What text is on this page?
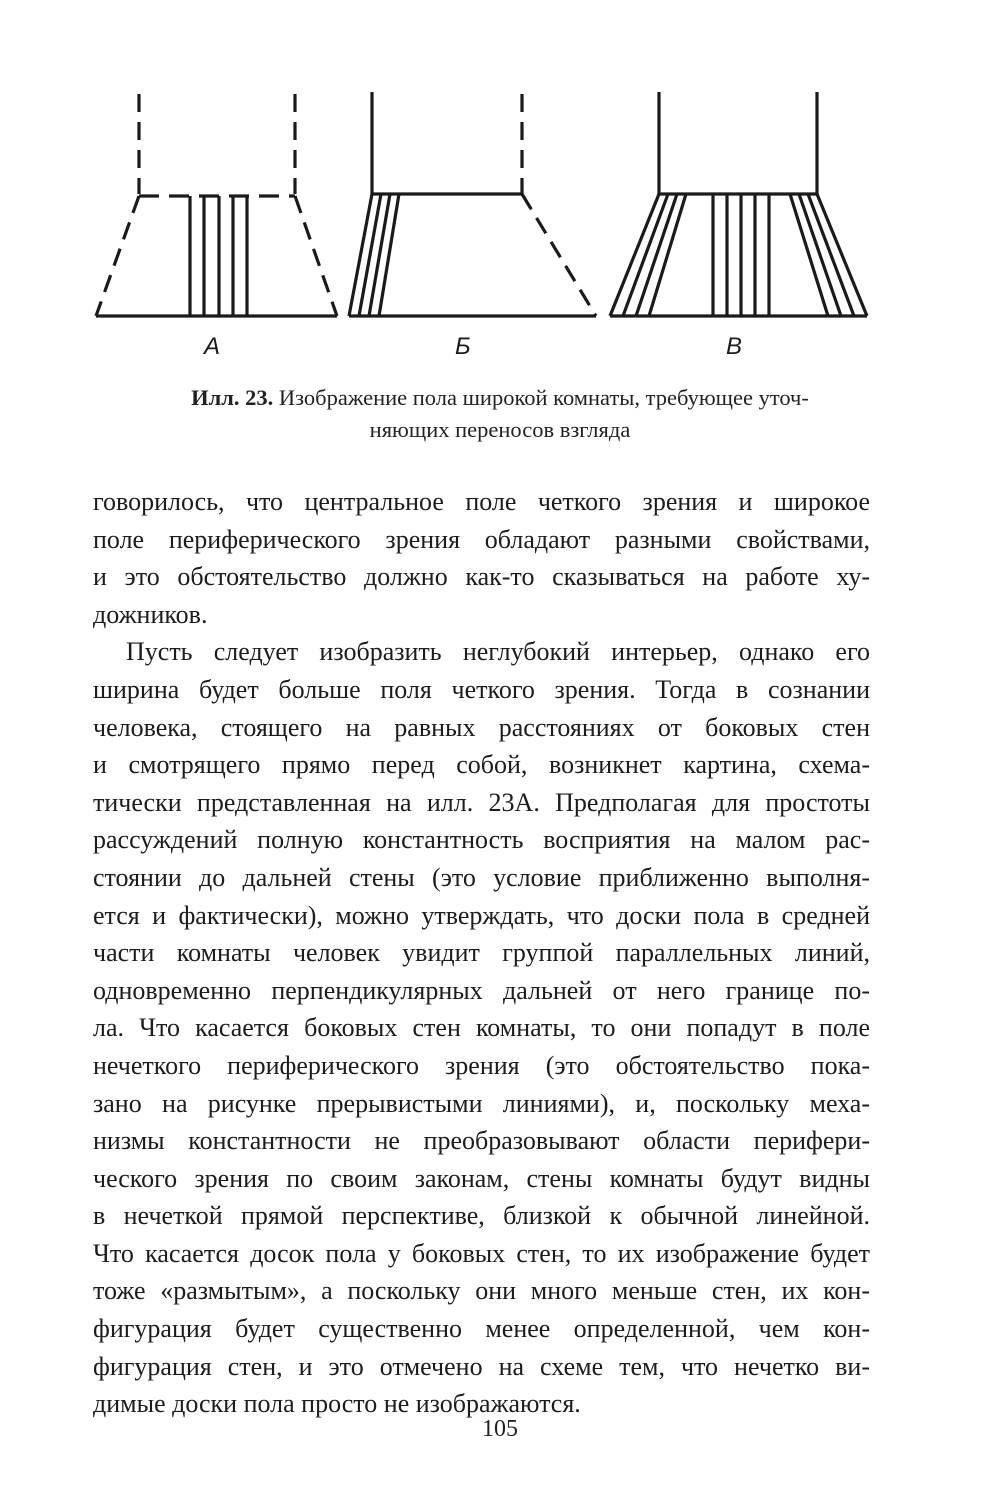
А	Б	В
Илл. 23. Изображение пола широкой комнаты, требующее уточ-
няющих переносов взгляда
говорилось, что центральное поле четкого зрения и широкое
поле периферического зрения обладают разными свойствами,
и это обстоятельство должно как-то сказываться на работе ху-
дожников.
Пусть следует изобразить неглубокий интерьер, однако его
ширина будет больше поля четкого зрения. Тогда в сознании
человека, стоящего на равных расстояниях от боковых стен
и смотрящего прямо перед собой, возникнет картина, схема-
тически представленная на илл. 23А. Предполагая для простоты
рассуждений полную константность восприятия на малом рас-
стоянии до дальней стены (это условие приближенно выполня-
ется и фактически), можно утверждать, что доски пола в средней
части комнаты человек увидит группой параллельных линий,
одновременно перпендикулярных дальней от него границе по-
ла. Что касается боковых стен комнаты, то они попадут в поле
нечеткого периферического зрения (это обстоятельство пока-
зано на рисунке прерывистыми линиями), и, поскольку меха-
низмы константности не преобразовывают области перифери-
ческого зрения по своим законам, стены комнаты будут видны
в нечеткой прямой перспективе, близкой к обычной линейной.
Что касается досок пола у боковых стен, то их изображение будет
тоже «размытым», а поскольку они много меньше стен, их кон-
фигурация будет существенно менее определенной, чем кон-
фигурация стен, и это отмечено на схеме тем, что нечетко ви-
димые доски пола просто не изображаются.
105
